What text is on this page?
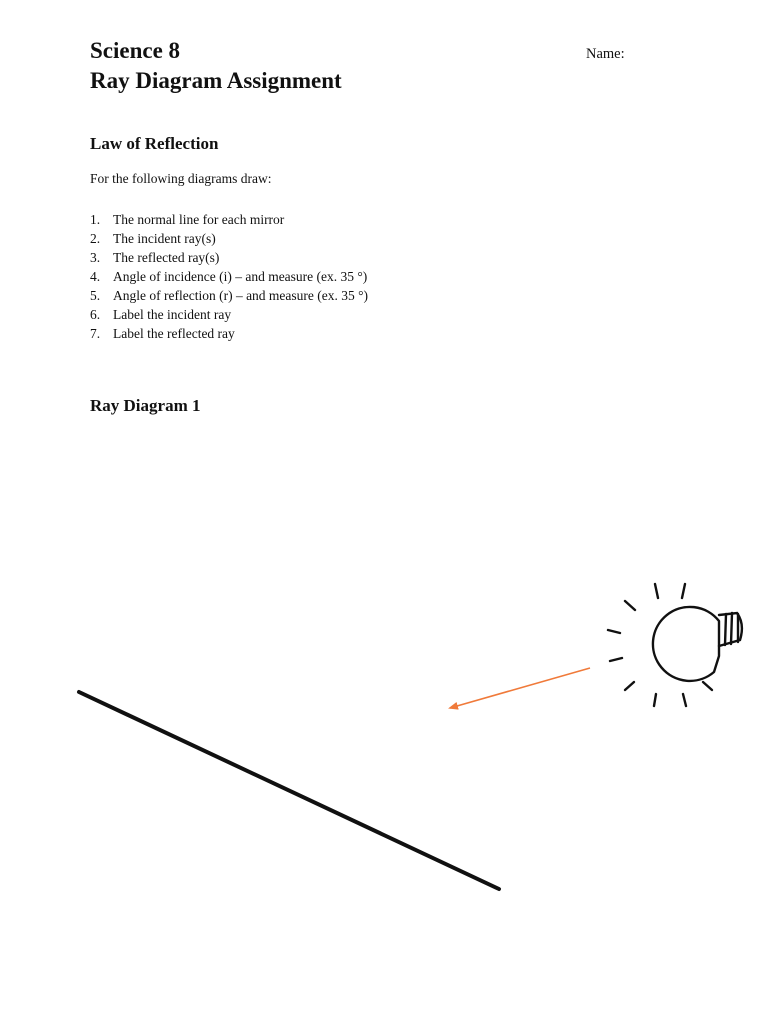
Science 8
Ray Diagram Assignment
Name:
Law of Reflection

For the following diagrams draw:

1. The normal line for each mirror
2. The incident ray(s)
3. The reflected ray(s)
4. Angle of incidence (i) – and measure (ex. 35 °)
5. Angle of reflection (r) – and measure (ex. 35 °)
6. Label the incident ray
7. Label the reflected ray
Ray Diagram 1
